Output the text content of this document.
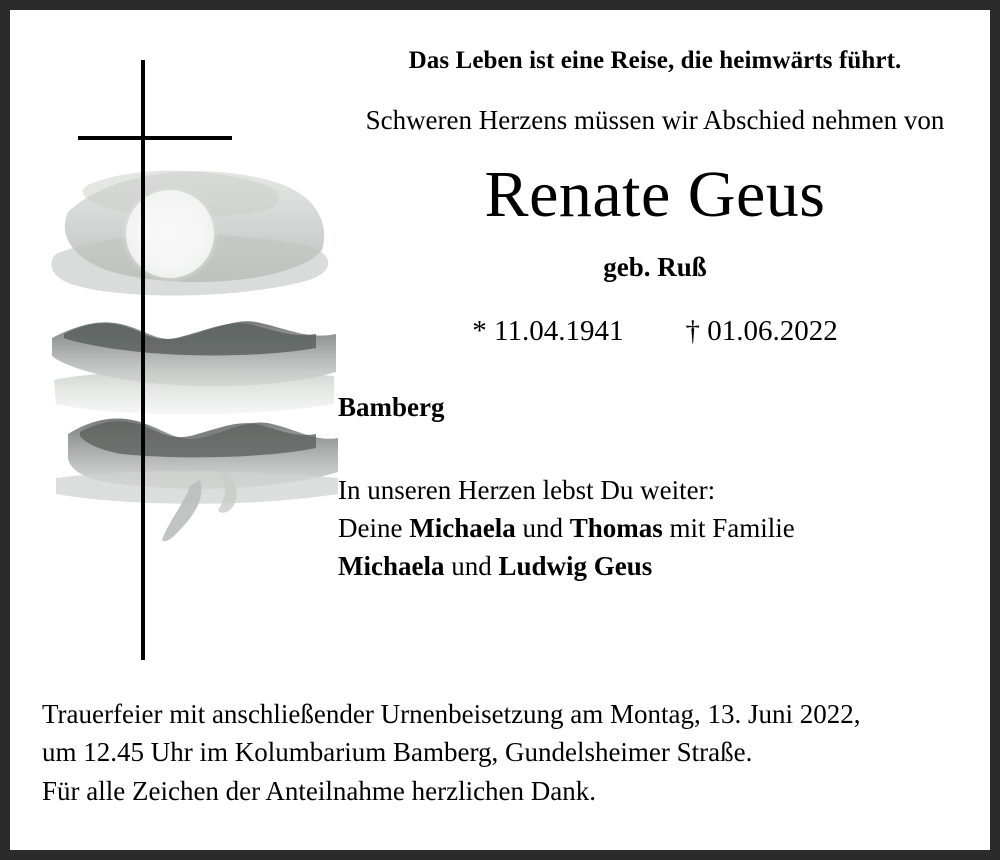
Das Leben ist eine Reise, die heimwärts führt.
Schweren Herzens müssen wir Abschied nehmen von
Renate Geus
geb. Ruß
* 11.04.1941 † 01.06.2022
Bamberg
In unseren Herzen lebst Du weiter:
Deine Michaela und Thomas mit Familie
Michaela und Ludwig Geus
Trauerfeier mit anschließender Urnenbeisetzung am Montag, 13. Juni 2022,
um 12.45 Uhr im Kolumbarium Bamberg, Gundelsheimer Straße.
Für alle Zeichen der Anteilnahme herzlichen Dank.
